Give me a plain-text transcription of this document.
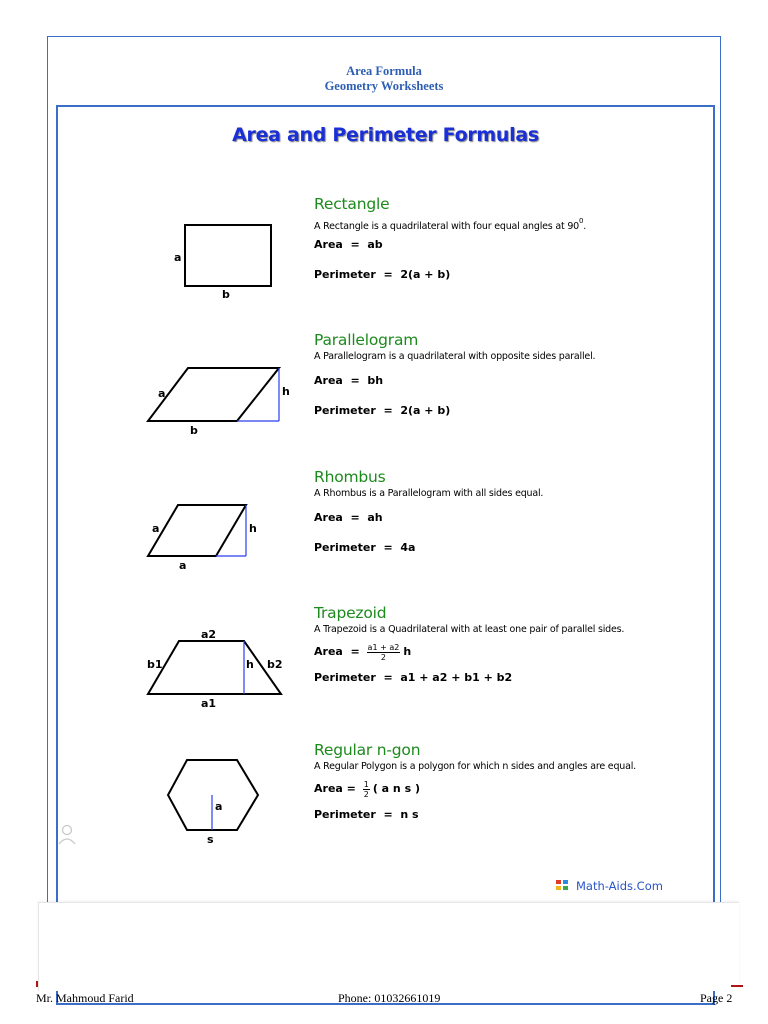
Area Formula
Geometry Worksheets
Area and Perimeter Formulas
a
b
Rectangle
A Rectangle is a quadrilateral with four equal angles at $90^0$.
Area  =  ab
Perimeter  =  2(a + b)
a
b
h
Parallelogram
A Parallelogram is a quadrilateral with opposite sides parallel.
Area  =  bh
Perimeter  =  2(a + b)
a
a
h
Rhombus
A Rhombus is a Parallelogram with all sides equal.
Area  =  ah
Perimeter  =  4a
a2
a1
b1	b2
h
Trapezoid
A Trapezoid is a Quadrilateral with at least one pair of parallel sides.
Area  = $\frac{a1 + a2}{2}$ h
Perimeter  =  a1 + a2 + b1 + b2
a
s
Regular n-gon
A Regular Polygon is a polygon for which n sides and angles are equal.
Area = $\frac{1}{2}$ ( a n s )
Perimeter  =  n s
Math-Aids.Com
Mr. Mahmoud Farid	Phone: 01032661019	Page 2
